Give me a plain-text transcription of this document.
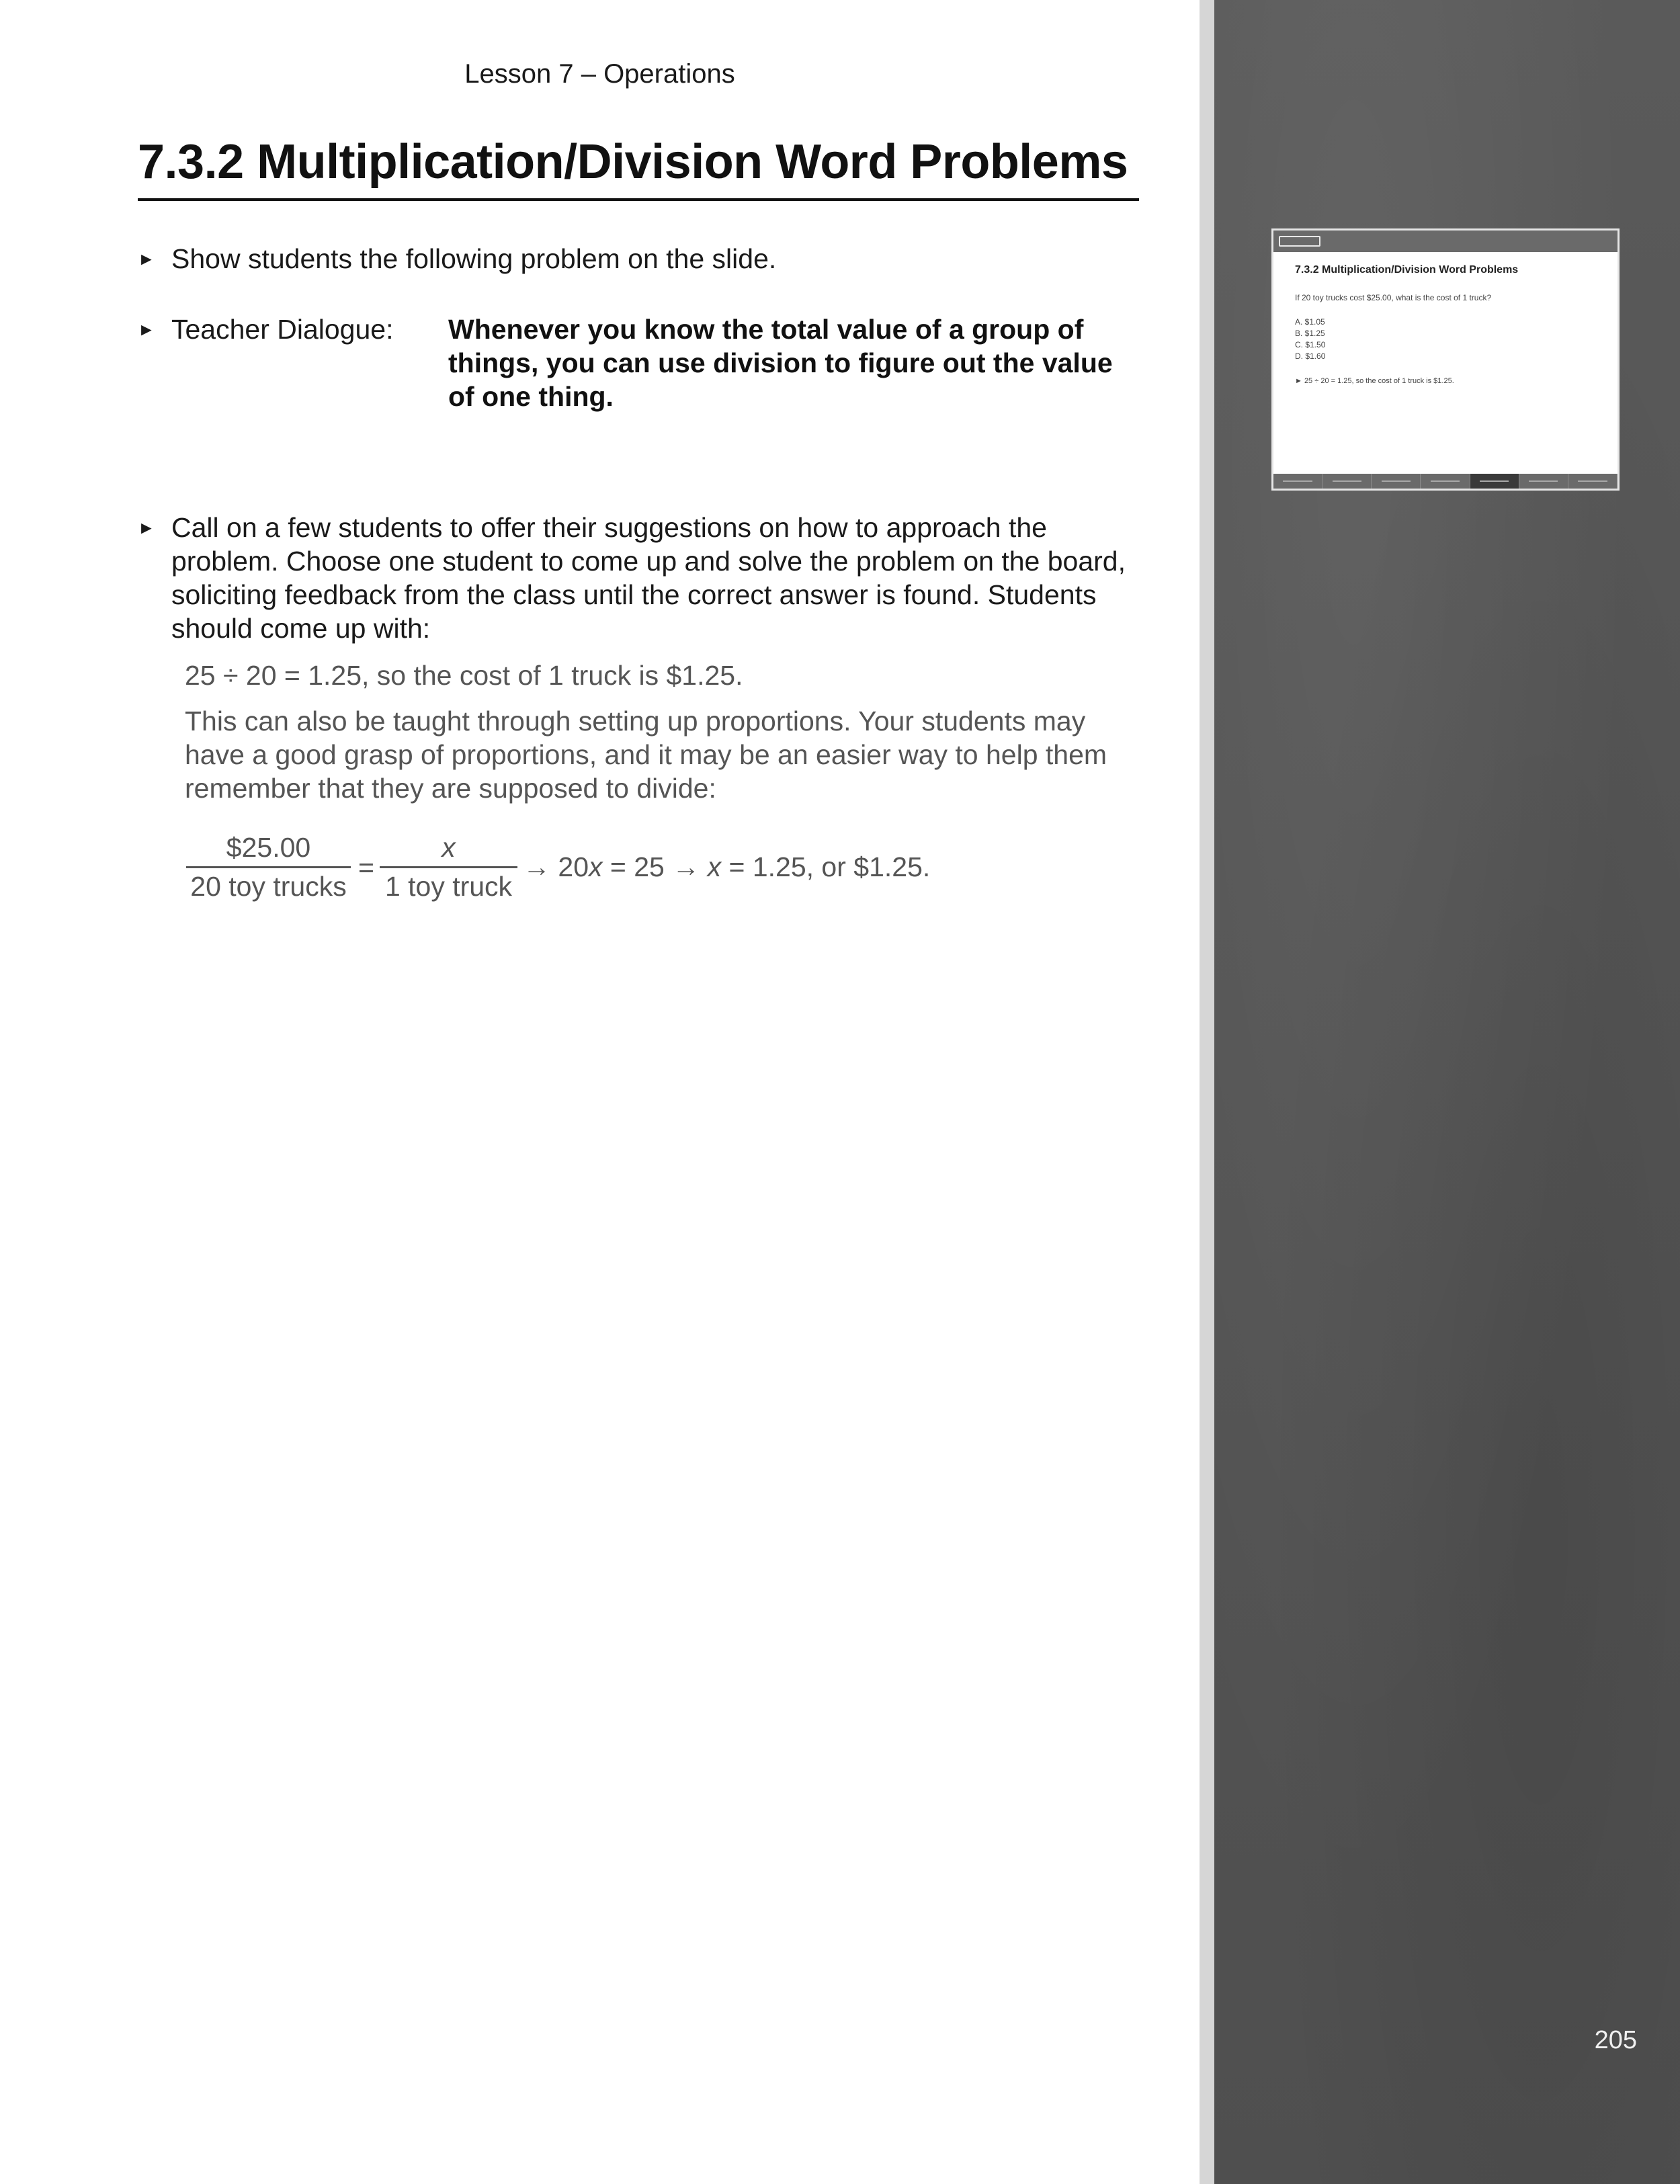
Lesson 7 – Operations
7.3.2 Multiplication/Division Word Problems
► Show students the following problem on the slide.
► Teacher Dialogue: Whenever you know the total value of a group of things, you can use division to figure out the value of one thing.
► Call on a few students to offer their suggestions on how to approach the problem. Choose one student to come up and solve the problem on the board, soliciting feedback from the class until the correct answer is found. Students should come up with:
25 ÷ 20 = 1.25, so the cost of 1 truck is $1.25.
This can also be taught through setting up proportions. Your students may have a good grasp of proportions, and it may be an easier way to help them remember that they are supposed to divide:
$25.00
20 toy trucks
=
x
1 toy truck
→ 20x = 25 → x = 1.25, or $1.25.
7.3.2 Multiplication/Division Word Problems
If 20 toy trucks cost $25.00, what is the cost of 1 truck?
A. $1.05
B. $1.25
C. $1.50
D. $1.60
► 25 ÷ 20 = 1.25, so the cost of 1 truck is $1.25.
205
